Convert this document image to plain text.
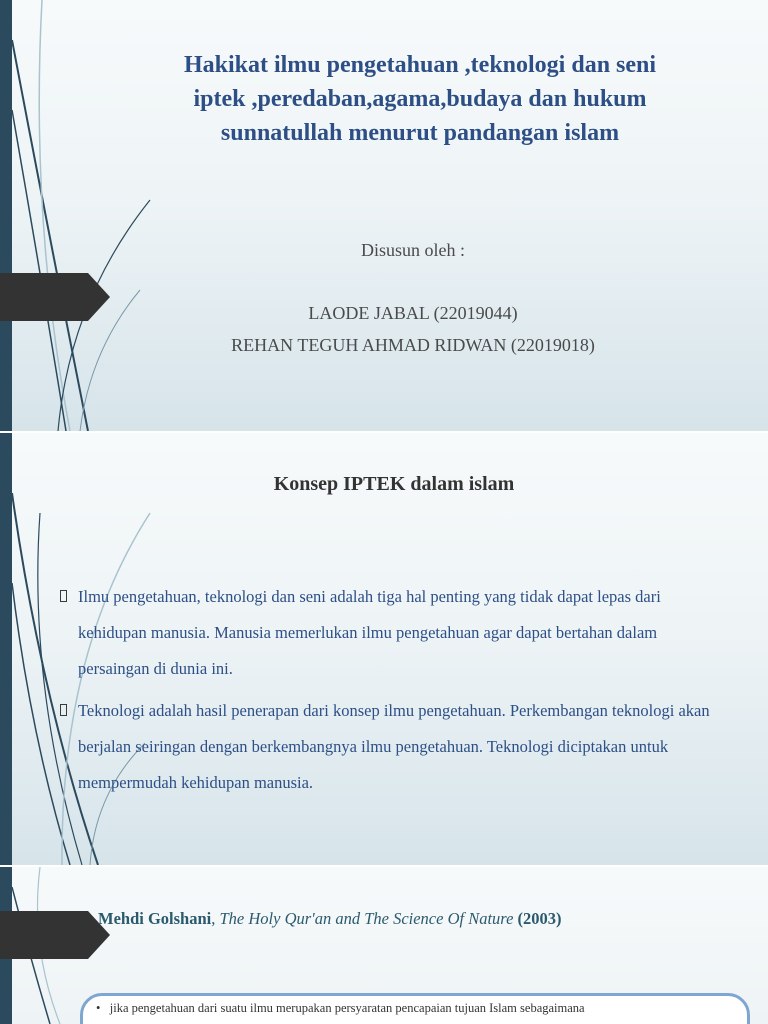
Hakikat ilmu pengetahuan ,teknologi dan seni
iptek ,peredaban,agama,budaya dan hukum
sunnatullah menurut pandangan islam
Disusun oleh :
LAODE JABAL (22019044)
REHAN TEGUH AHMAD RIDWAN (22019018)
Konsep IPTEK dalam islam
Ilmu pengetahuan, teknologi dan seni adalah tiga hal penting yang tidak dapat lepas dari kehidupan manusia. Manusia memerlukan ilmu pengetahuan agar dapat bertahan dalam persaingan di dunia ini.
Teknologi adalah hasil penerapan dari konsep ilmu pengetahuan. Perkembangan teknologi akan berjalan seiringan dengan berkembangnya ilmu pengetahuan. Teknologi diciptakan untuk mempermudah kehidupan manusia.
Mehdi Golshani, The Holy Qur'an and The Science Of Nature (2003)
•   jika pengetahuan dari suatu ilmu merupakan persyaratan pencapaian tujuan Islam sebagaimana
